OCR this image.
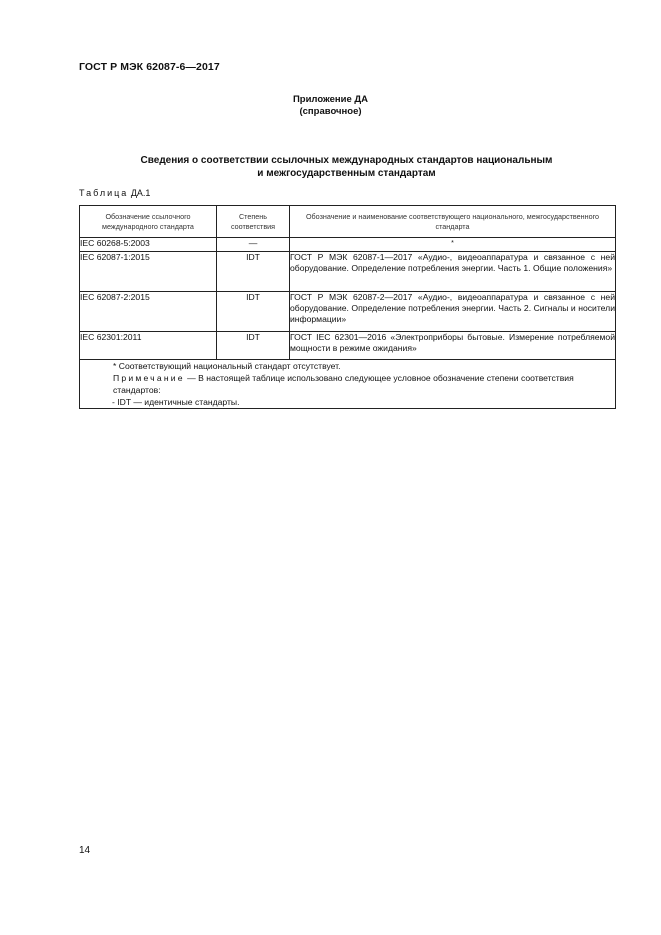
ГОСТ Р МЭК 62087-6—2017
Приложение ДА
(справочное)
Сведения о соответствии ссылочных международных стандартов национальным
и межгосударственным стандартам
Таблица ДА.1
Обозначение ссылочного международного стандарта	Степень соответствия	Обозначение и наименование соответствующего национального, межгосударственного стандарта
IEC 60268-5:2003	—	*
IEC 62087-1:2015	IDT	ГОСТ Р МЭК 62087-1—2017 «Аудио-, видеоаппаратура и связанное с ней оборудование. Определение потребления энергии. Часть 1. Общие положения»
IEC 62087-2:2015	IDT	ГОСТ Р МЭК 62087-2—2017 «Аудио-, видеоаппаратура и связанное с ней оборудование. Определение потребления энергии. Часть 2. Сигналы и носители информации»
IEC 62301:2011	IDT	ГОСТ IEC 62301—2016 «Электроприборы бытовые. Измерение потребляемой мощности в режиме ожидания»

* Соответствующий национальный стандарт отсутствует.
Примечание — В настоящей таблице использовано следующее условное обозначение степени соответствия стандартов:
- IDT — идентичные стандарты.		
14
